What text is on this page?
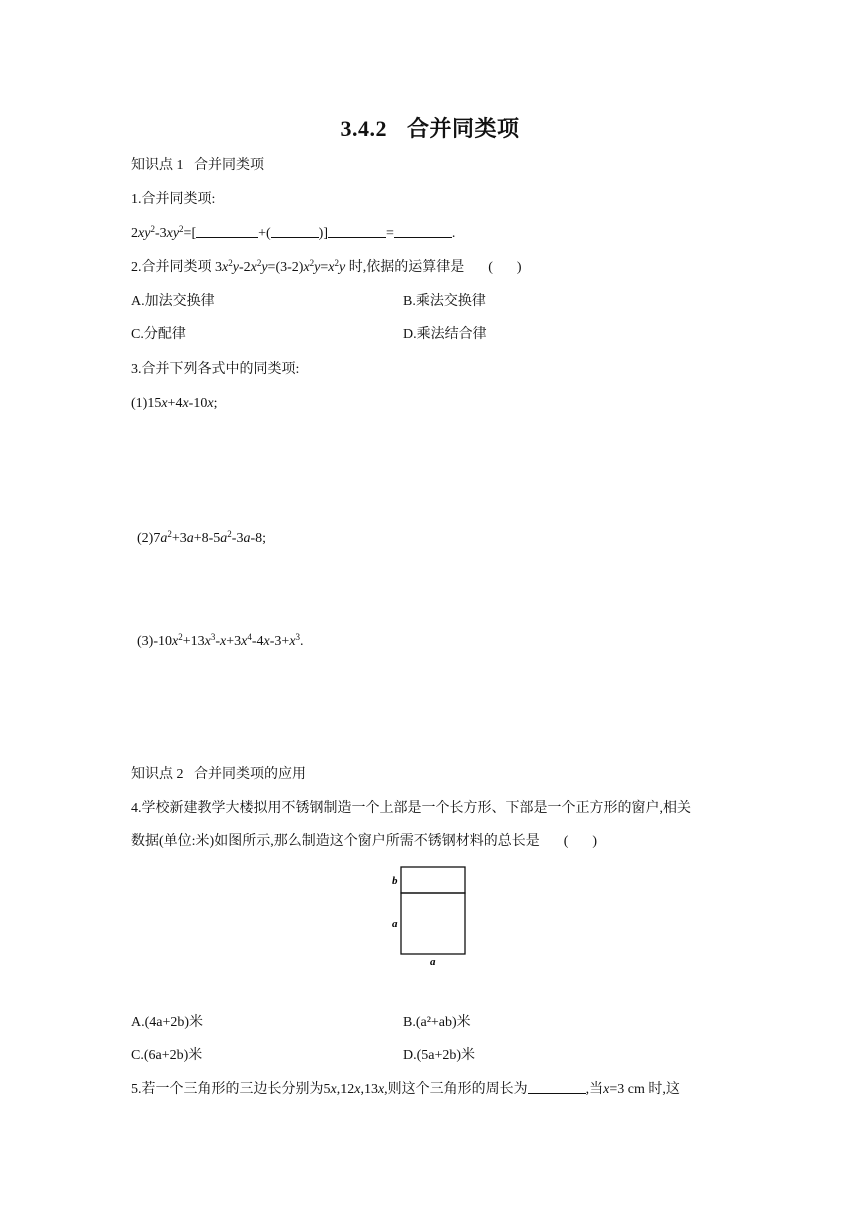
3.4.2 合并同类项
知识点 1 合并同类项
1.合并同类项:
$2xy^2-3xy^2=$[	+(	)]	=	.
2.合并同类项 $3x^2y-2x^2y=(3-2)x^2y=x^2y$ 时,依据的运算律是 ( )
A.加法交换律	B.乘法交换律
C.分配律	D.乘法结合律
3.合并下列各式中的同类项:
(1)15x+4x-10x;
$(2)7a^2+3a+8-5a^2-3a-8$;
$(3)-10x^2+13x^3-x+3x^4-4x-3+x^3$.
知识点 2 合并同类项的应用
4.学校新建教学大楼拟用不锈钢制造一个上部是一个长方形、下部是一个正方形的窗户,相关
数据(单位:米)如图所示,那么制造这个窗户所需不锈钢材料的总长是 ( )
b
a
a
A.(4a+2b)米	B.(a²+ab)米
C.(6a+2b)米	D.(5a+2b)米
5.若一个三角形的三边长分别为5x,12x,13x,则这个三角形的周长为	,当x=3 cm 时,这
